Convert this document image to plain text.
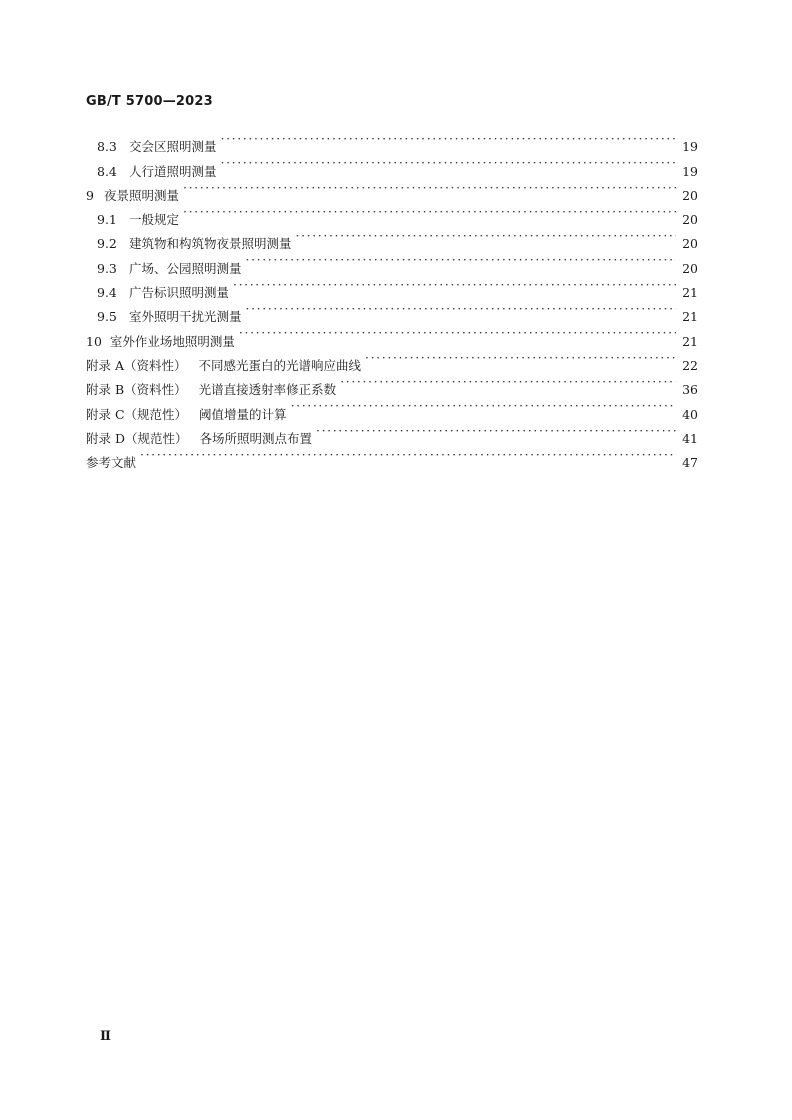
GB/T 5700—2023
8.3 交会区照明测量 ·····	19
8.4 人行道照明测量 ·····	19
9 夜景照明测量 ·····	20
9.1 一般规定 ·····	20
9.2 建筑物和构筑物夜景照明测量 ·····	20
9.3 广场、公园照明测量 ·····	20
9.4 广告标识照明测量 ·····	21
9.5 室外照明干扰光测量 ·····	21
10 室外作业场地照明测量 ·····	21
附录 A（资料性） 不同感光蛋白的光谱响应曲线 ·····	22
附录 B（资料性） 光谱直接透射率修正系数 ·····	36
附录 C（规范性） 阈值增量的计算 ·····	40
附录 D（规范性） 各场所照明测点布置 ·····	41
参考文献 ·····	47
Ⅱ
